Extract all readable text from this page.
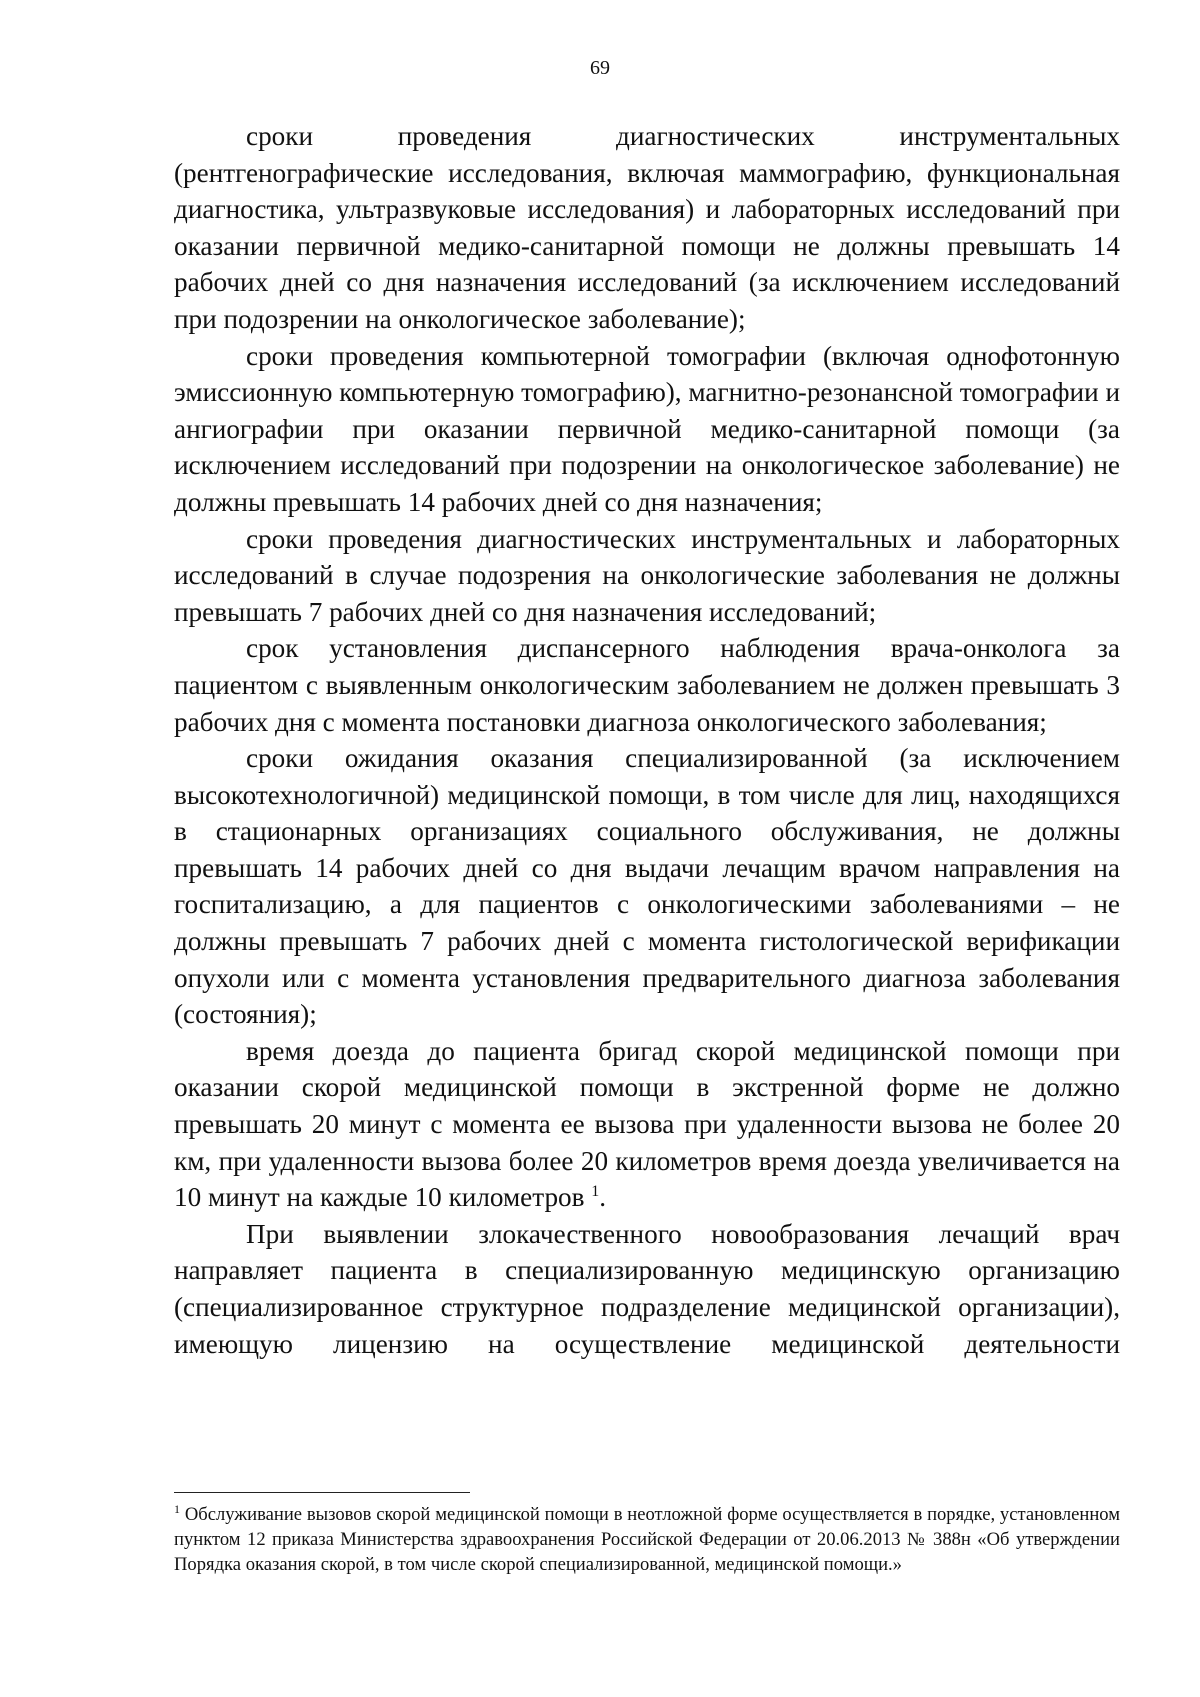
69

сроки проведения диагностических инструментальных (рентгенографические исследования, включая маммографию, функциональная диагностика, ультразвуковые исследования) и лабораторных исследований при оказании первичной медико-санитарной помощи не должны превышать 14 рабочих дней со дня назначения исследований (за исключением исследований при подозрении на онкологическое заболевание);

сроки проведения компьютерной томографии (включая однофотонную эмиссионную компьютерную томографию), магнитно-резонансной томографии и ангиографии при оказании первичной медико-санитарной помощи (за исключением исследований при подозрении на онкологическое заболевание) не должны превышать 14 рабочих дней со дня назначения;

сроки проведения диагностических инструментальных и лабораторных исследований в случае подозрения на онкологические заболевания не должны превышать 7 рабочих дней со дня назначения исследований;

срок установления диспансерного наблюдения врача-онколога за пациентом с выявленным онкологическим заболеванием не должен превышать 3 рабочих дня с момента постановки диагноза онкологического заболевания;

сроки ожидания оказания специализированной (за исключением высокотехнологичной) медицинской помощи, в том числе для лиц, находящихся в стационарных организациях социального обслуживания, не должны превышать 14 рабочих дней со дня выдачи лечащим врачом направления на госпитализацию, а для пациентов с онкологическими заболеваниями – не должны превышать 7 рабочих дней с момента гистологической верификации опухоли или с момента установления предварительного диагноза заболевания (состояния);

время доезда до пациента бригад скорой медицинской помощи при оказании скорой медицинской помощи в экстренной форме не должно превышать 20 минут с момента ее вызова при удаленности вызова не более 20 км, при удаленности вызова более 20 километров время доезда увеличивается на 10 минут на каждые 10 километров $^1$.

При выявлении злокачественного новообразования лечащий врач направляет пациента в специализированную медицинскую организацию (специализированное структурное подразделение медицинской организации), имеющую лицензию на осуществление медицинской деятельности

$^1$ Обслуживание вызовов скорой медицинской помощи в неотложной форме осуществляется в порядке, установленном пунктом 12 приказа Министерства здравоохранения Российской Федерации от 20.06.2013 № 388н «Об утверждении Порядка оказания скорой, в том числе скорой специализированной, медицинской помощи.»
